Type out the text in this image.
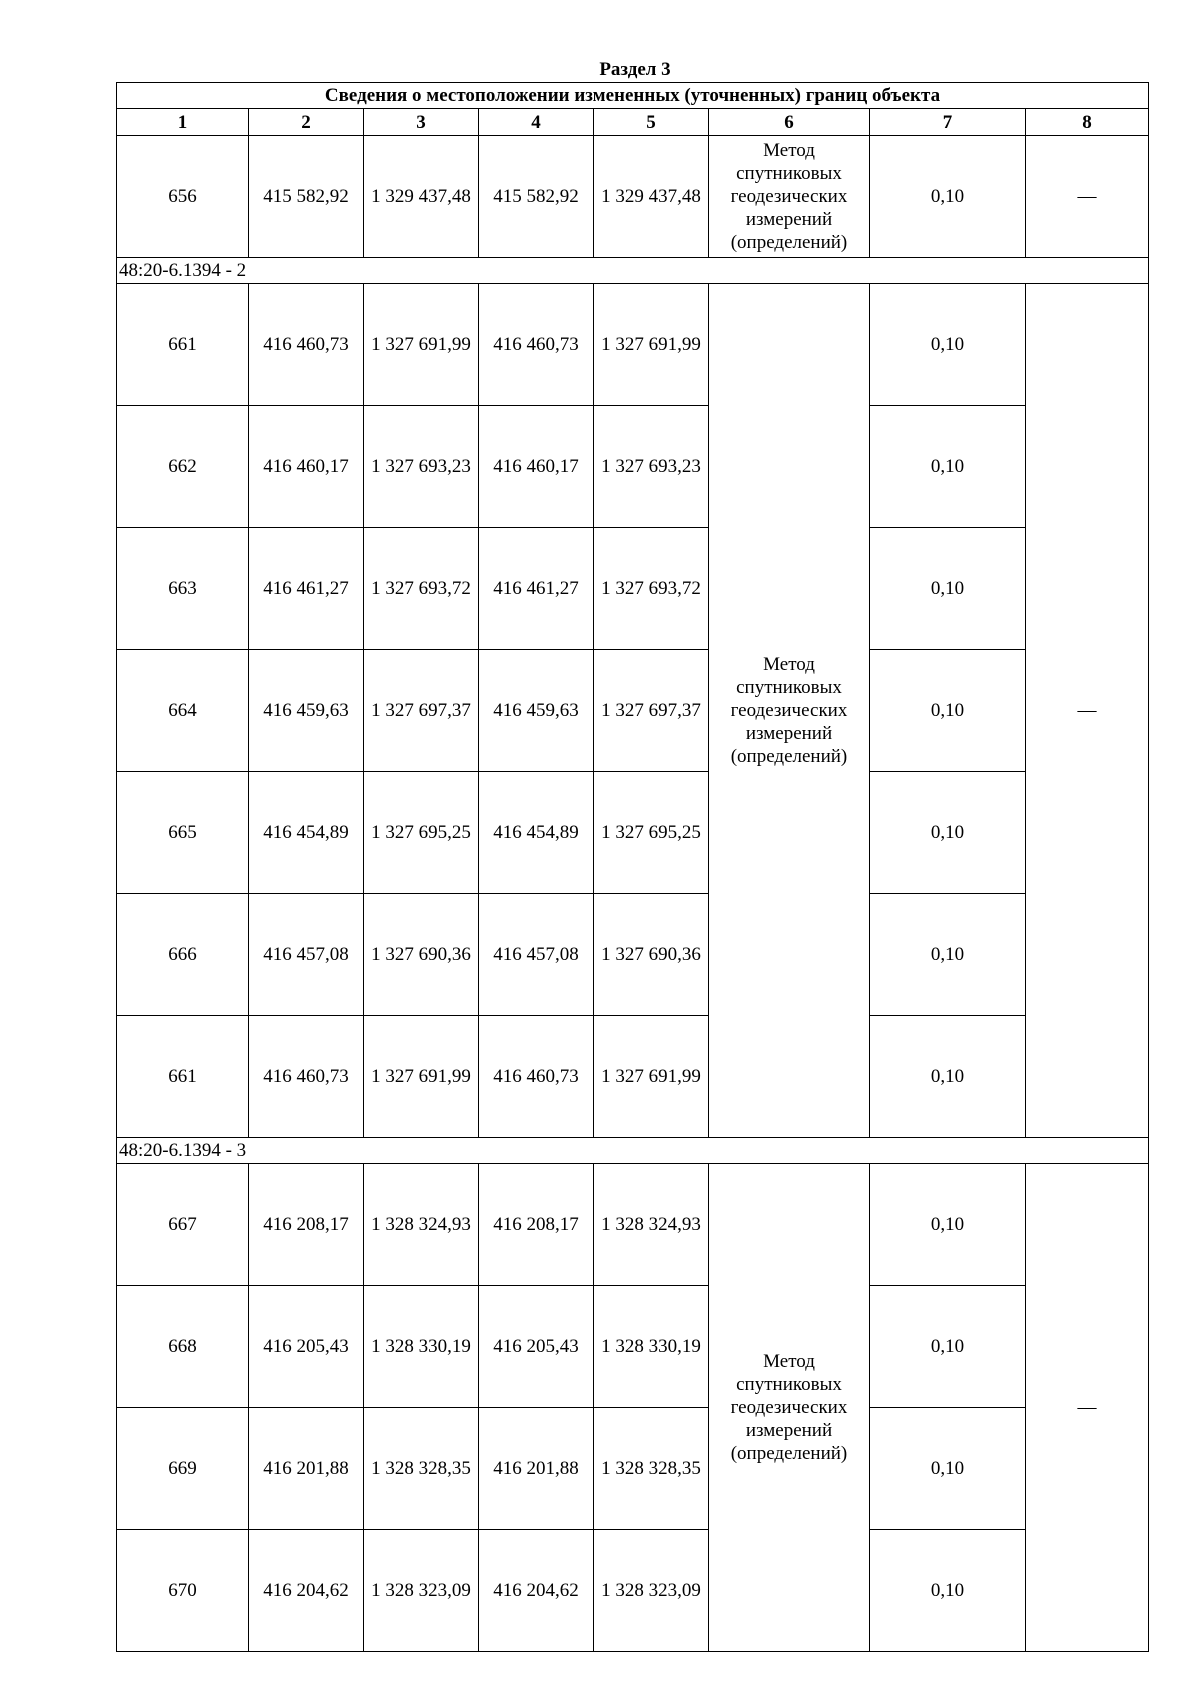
Раздел 3
Сведения о местоположении измененных (уточненных) границ объекта							
1	2	3	4	5	6	7	8
656	415 582,92	1 329 437,48	415 582,92	1 329 437,48	Метод спутниковых геодезических измерений (определений)	0,10	—
48:20-6.1394 - 2							
661	416 460,73	1 327 691,99	416 460,73	1 327 691,99	Метод спутниковых геодезических измерений (определений)	0,10	—
662	416 460,17	1 327 693,23	416 460,17	1 327 693,23		0,10	
663	416 461,27	1 327 693,72	416 461,27	1 327 693,72		0,10	
664	416 459,63	1 327 697,37	416 459,63	1 327 697,37		0,10	
665	416 454,89	1 327 695,25	416 454,89	1 327 695,25		0,10	
666	416 457,08	1 327 690,36	416 457,08	1 327 690,36		0,10	
661	416 460,73	1 327 691,99	416 460,73	1 327 691,99		0,10	
48:20-6.1394 - 3							
667	416 208,17	1 328 324,93	416 208,17	1 328 324,93	Метод спутниковых геодезических измерений (определений)	0,10	—
668	416 205,43	1 328 330,19	416 205,43	1 328 330,19		0,10	
669	416 201,88	1 328 328,35	416 201,88	1 328 328,35		0,10	
670	416 204,62	1 328 323,09	416 204,62	1 328 323,09		0,10	
